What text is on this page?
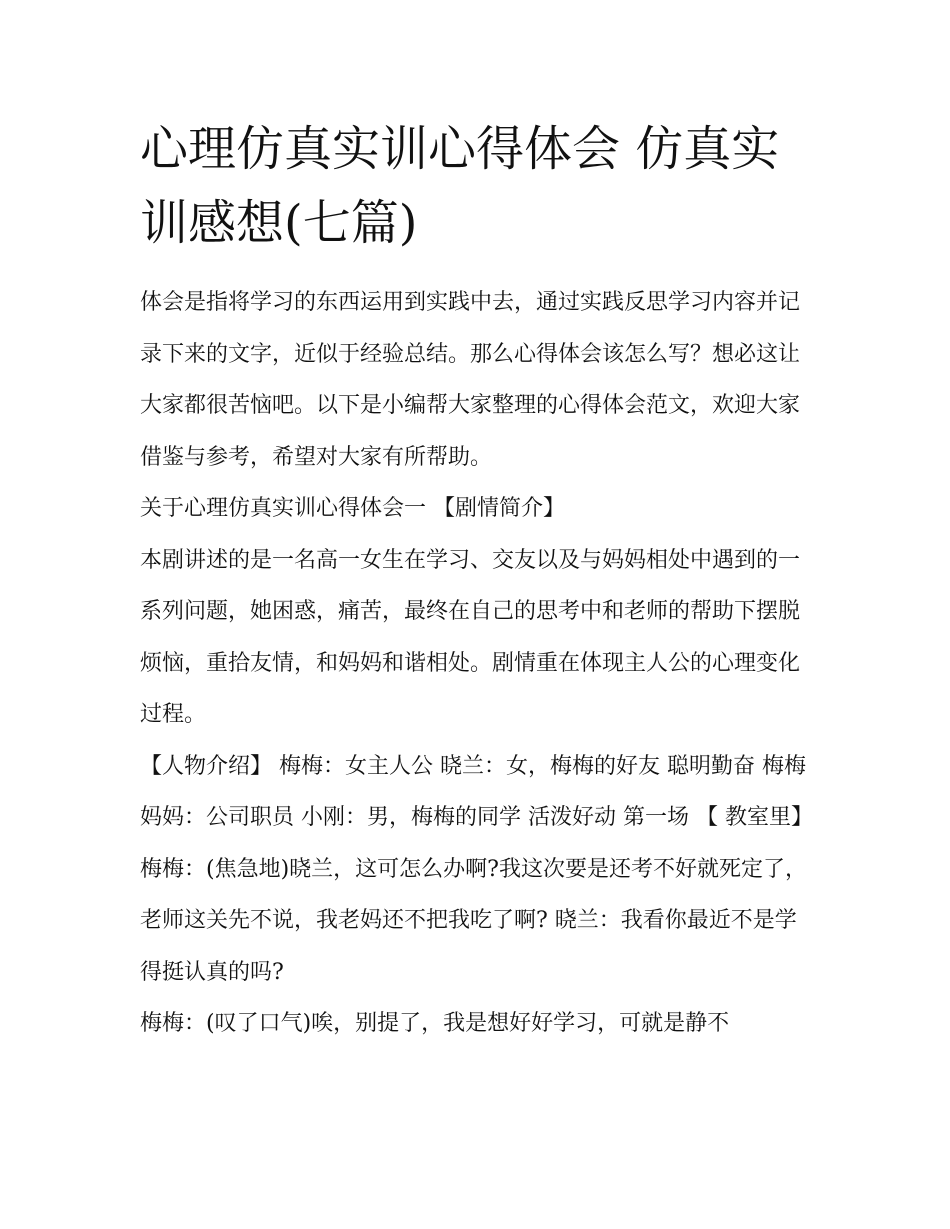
心理仿真实训心得体会 仿真实训感想(七篇)

体会是指将学习的东西运用到实践中去，通过实践反思学习内容并记录下来的文字，近似于经验总结。那么心得体会该怎么写？想必这让大家都很苦恼吧。以下是小编帮大家整理的心得体会范文，欢迎大家借鉴与参考，希望对大家有所帮助。

关于心理仿真实训心得体会一 【剧情简介】

本剧讲述的是一名高一女生在学习、交友以及与妈妈相处中遇到的一系列问题，她困惑，痛苦，最终在自己的思考中和老师的帮助下摆脱烦恼，重拾友情，和妈妈和谐相处。剧情重在体现主人公的心理变化过程。

【人物介绍】 梅梅：女主人公 晓兰：女，梅梅的好友 聪明勤奋 梅梅妈妈：公司职员 小刚：男，梅梅的同学 活泼好动 第一场 【 教室里】

梅梅：(焦急地)晓兰，这可怎么办啊?我这次要是还考不好就死定了，老师这关先不说，我老妈还不把我吃了啊? 晓兰：我看你最近不是学得挺认真的吗?

梅梅：(叹了口气)唉，别提了，我是想好好学习，可就是静不
